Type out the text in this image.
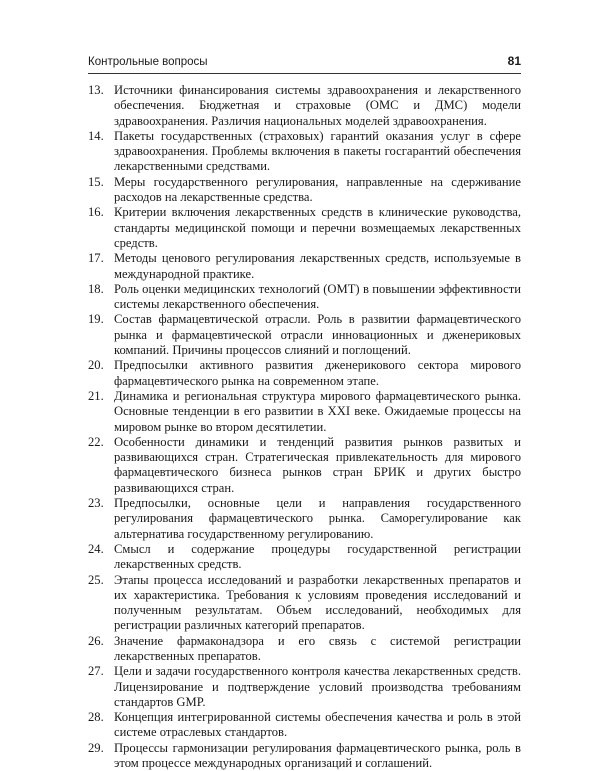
Контрольные вопросы	81
13. Источники финансирования системы здравоохранения и лекарственного обеспечения. Бюджетная и страховые (ОМС и ДМС) модели здравоохранения. Различия национальных моделей здравоохранения.
14. Пакеты государственных (страховых) гарантий оказания услуг в сфере здравоохранения. Проблемы включения в пакеты госгарантий обеспечения лекарственными средствами.
15. Меры государственного регулирования, направленные на сдерживание расходов на лекарственные средства.
16. Критерии включения лекарственных средств в клинические руководства, стандарты медицинской помощи и перечни возмещаемых лекарственных средств.
17. Методы ценового регулирования лекарственных средств, используемые в международной практике.
18. Роль оценки медицинских технологий (ОМТ) в повышении эффективности системы лекарственного обеспечения.
19. Состав фармацевтической отрасли. Роль в развитии фармацевтического рынка и фармацевтической отрасли инновационных и дженериковых компаний. Причины процессов слияний и поглощений.
20. Предпосылки активного развития дженерикового сектора мирового фармацевтического рынка на современном этапе.
21. Динамика и региональная структура мирового фармацевтического рынка. Основные тенденции в его развитии в XXI веке. Ожидаемые процессы на мировом рынке во втором десятилетии.
22. Особенности динамики и тенденций развития рынков развитых и развивающихся стран. Стратегическая привлекательность для мирового фармацевтического бизнеса рынков стран БРИК и других быстро развивающихся стран.
23. Предпосылки, основные цели и направления государственного регулирования фармацевтического рынка. Саморегулирование как альтернатива государственному регулированию.
24. Смысл и содержание процедуры государственной регистрации лекарственных средств.
25. Этапы процесса исследований и разработки лекарственных препаратов и их характеристика. Требования к условиям проведения исследований и полученным результатам. Объем исследований, необходимых для регистрации различных категорий препаратов.
26. Значение фармаконадзора и его связь с системой регистрации лекарственных препаратов.
27. Цели и задачи государственного контроля качества лекарственных средств. Лицензирование и подтверждение условий производства требованиям стандартов GMP.
28. Концепция интегрированной системы обеспечения качества и роль в этой системе отраслевых стандартов.
29. Процессы гармонизации регулирования фармацевтического рынка, роль в этом процессе международных организаций и соглашений.
